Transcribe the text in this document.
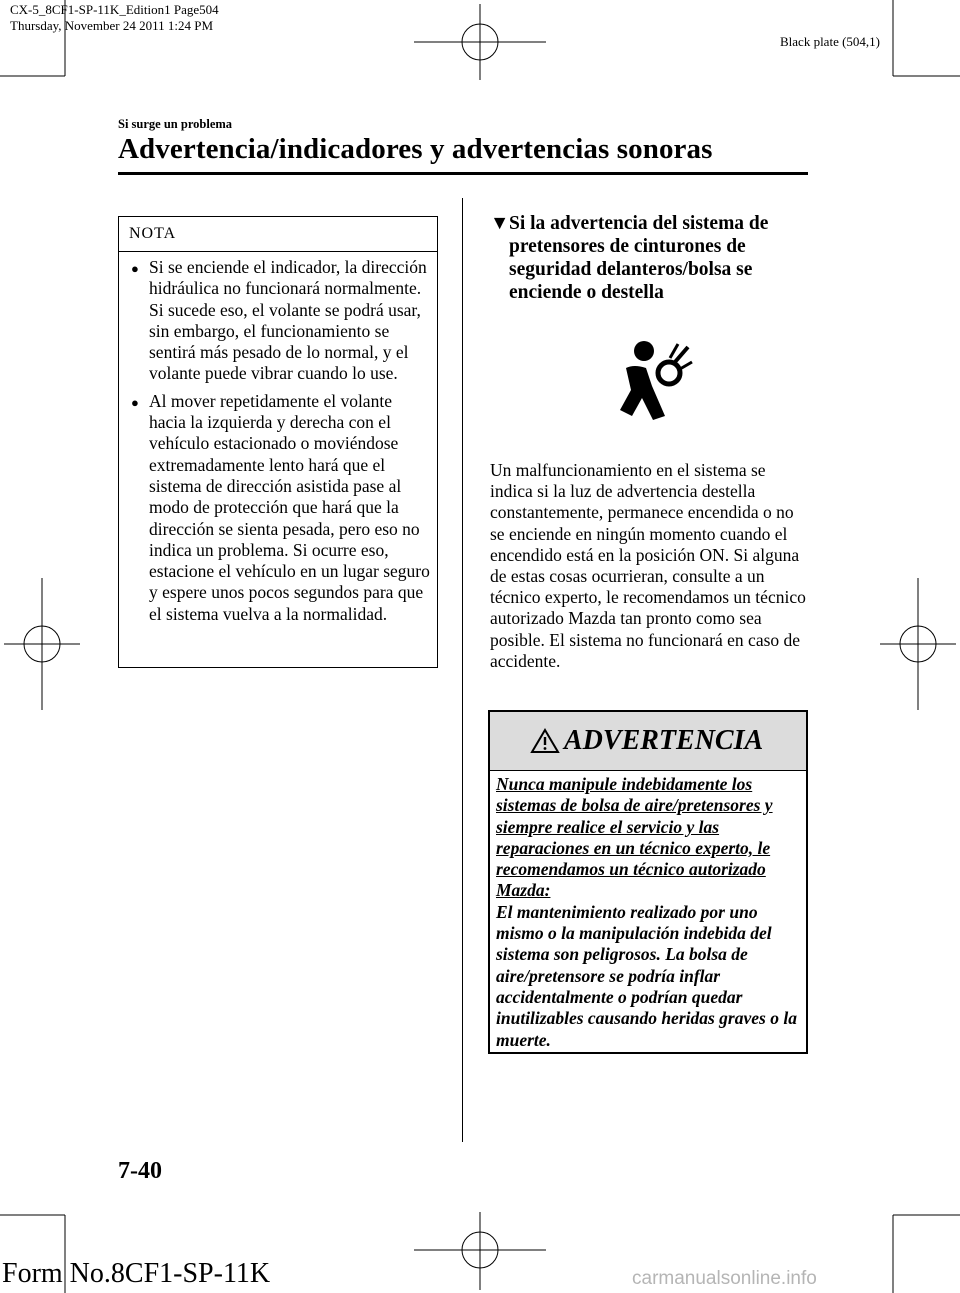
CX-5_8CF1-SP-11K_Edition1 Page504
Thursday, November 24 2011 1:24 PM
Black plate (504,1)
Si surge un problema
Advertencia/indicadores y advertencias sonoras
NOTA
● Si se enciende el indicador, la dirección hidráulica no funcionará normalmente. Si sucede eso, el volante se podrá usar, sin embargo, el funcionamiento se sentirá más pesado de lo normal, y el volante puede vibrar cuando lo use.
● Al mover repetidamente el volante hacia la izquierda y derecha con el vehículo estacionado o moviéndose extremadamente lento hará que el sistema de dirección asistida pase al modo de protección que hará que la dirección se sienta pesada, pero eso no indica un problema. Si ocurre eso, estacione el vehículo en un lugar seguro y espere unos pocos segundos para que el sistema vuelva a la normalidad.
▼ Si la advertencia del sistema de pretensores de cinturones de seguridad delanteros/bolsa se enciende o destella
Un malfuncionamiento en el sistema se indica si la luz de advertencia destella constantemente, permanece encendida o no se enciende en ningún momento cuando el encendido está en la posición ON. Si alguna de estas cosas ocurrieran, consulte a un técnico experto, le recomendamos un técnico autorizado Mazda tan pronto como sea posible. El sistema no funcionará en caso de accidente.
ADVERTENCIA
Nunca manipule indebidamente los sistemas de bolsa de aire/pretensores y siempre realice el servicio y las reparaciones en un técnico experto, le recomendamos un técnico autorizado Mazda:
El mantenimiento realizado por uno mismo o la manipulación indebida del sistema son peligrosos. La bolsa de aire/pretensore se podría inflar accidentalmente o podrían quedar inutilizables causando heridas graves o la muerte.
7-40
Form No.8CF1-SP-11K	carmanualsonline.info
